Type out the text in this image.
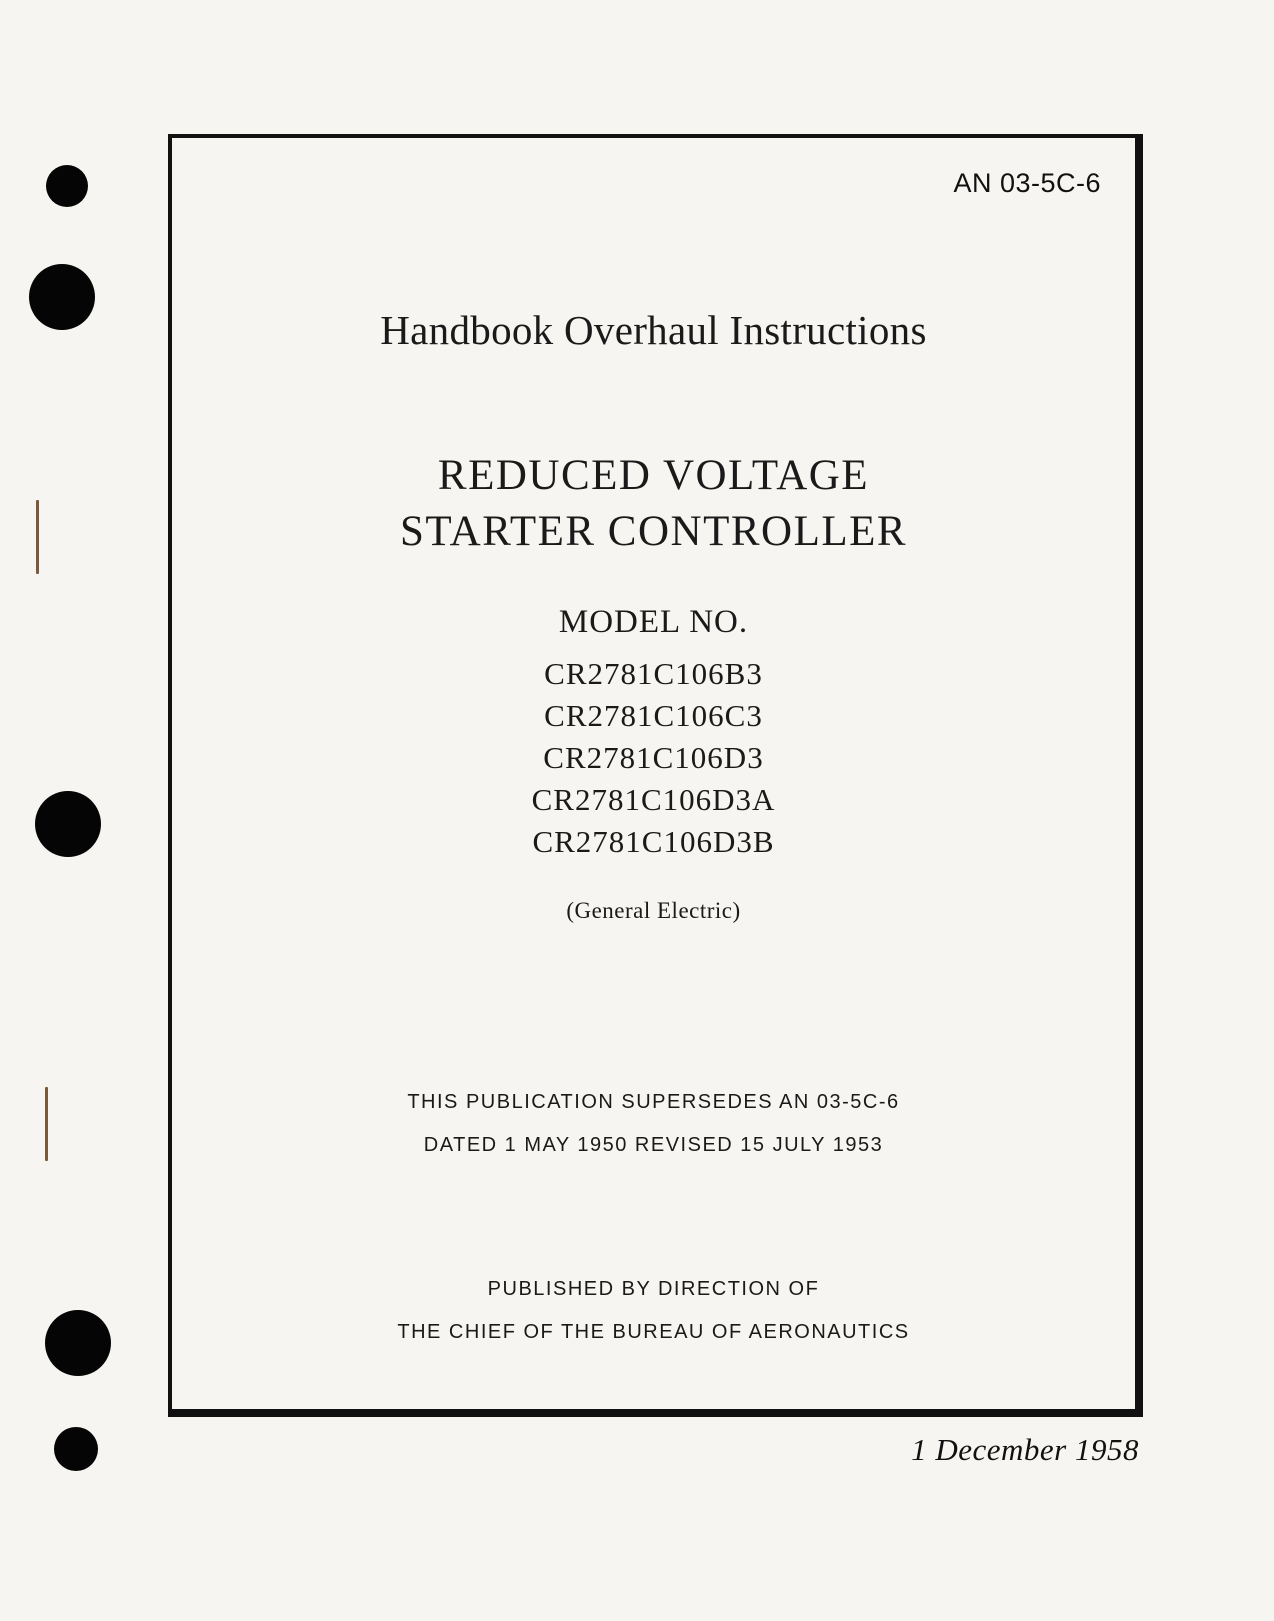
AN 03-5C-6
Handbook Overhaul Instructions
REDUCED VOLTAGE
STARTER CONTROLLER
MODEL NO.
CR2781C106B3
CR2781C106C3
CR2781C106D3
CR2781C106D3A
CR2781C106D3B
(General Electric)
THIS PUBLICATION SUPERSEDES AN 03-5C-6
DATED 1 MAY 1950 REVISED 15 JULY 1953
PUBLISHED BY DIRECTION OF
THE CHIEF OF THE BUREAU OF AERONAUTICS
1 December 1958
